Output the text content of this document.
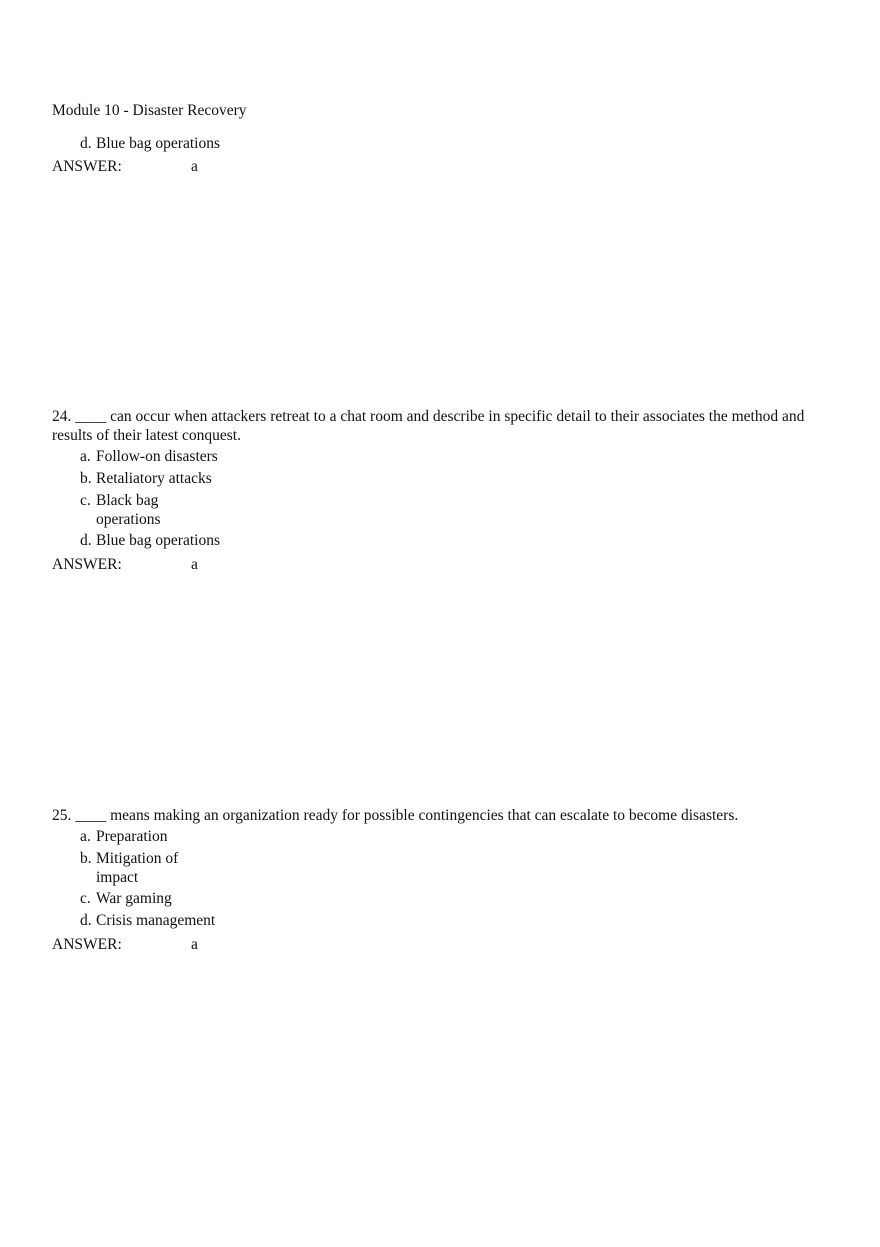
Module 10 - Disaster Recovery
d. Blue bag operations
ANSWER:	a
24. ____ can occur when attackers retreat to a chat room and describe in specific detail to their associates the method and results of their latest conquest.
a. Follow-on disasters
b. Retaliatory attacks
c. Black bag operations
d. Blue bag operations
ANSWER:	a
25. ____ means making an organization ready for possible contingencies that can escalate to become disasters.
a. Preparation
b. Mitigation of impact
c. War gaming
d. Crisis management
ANSWER:	a
